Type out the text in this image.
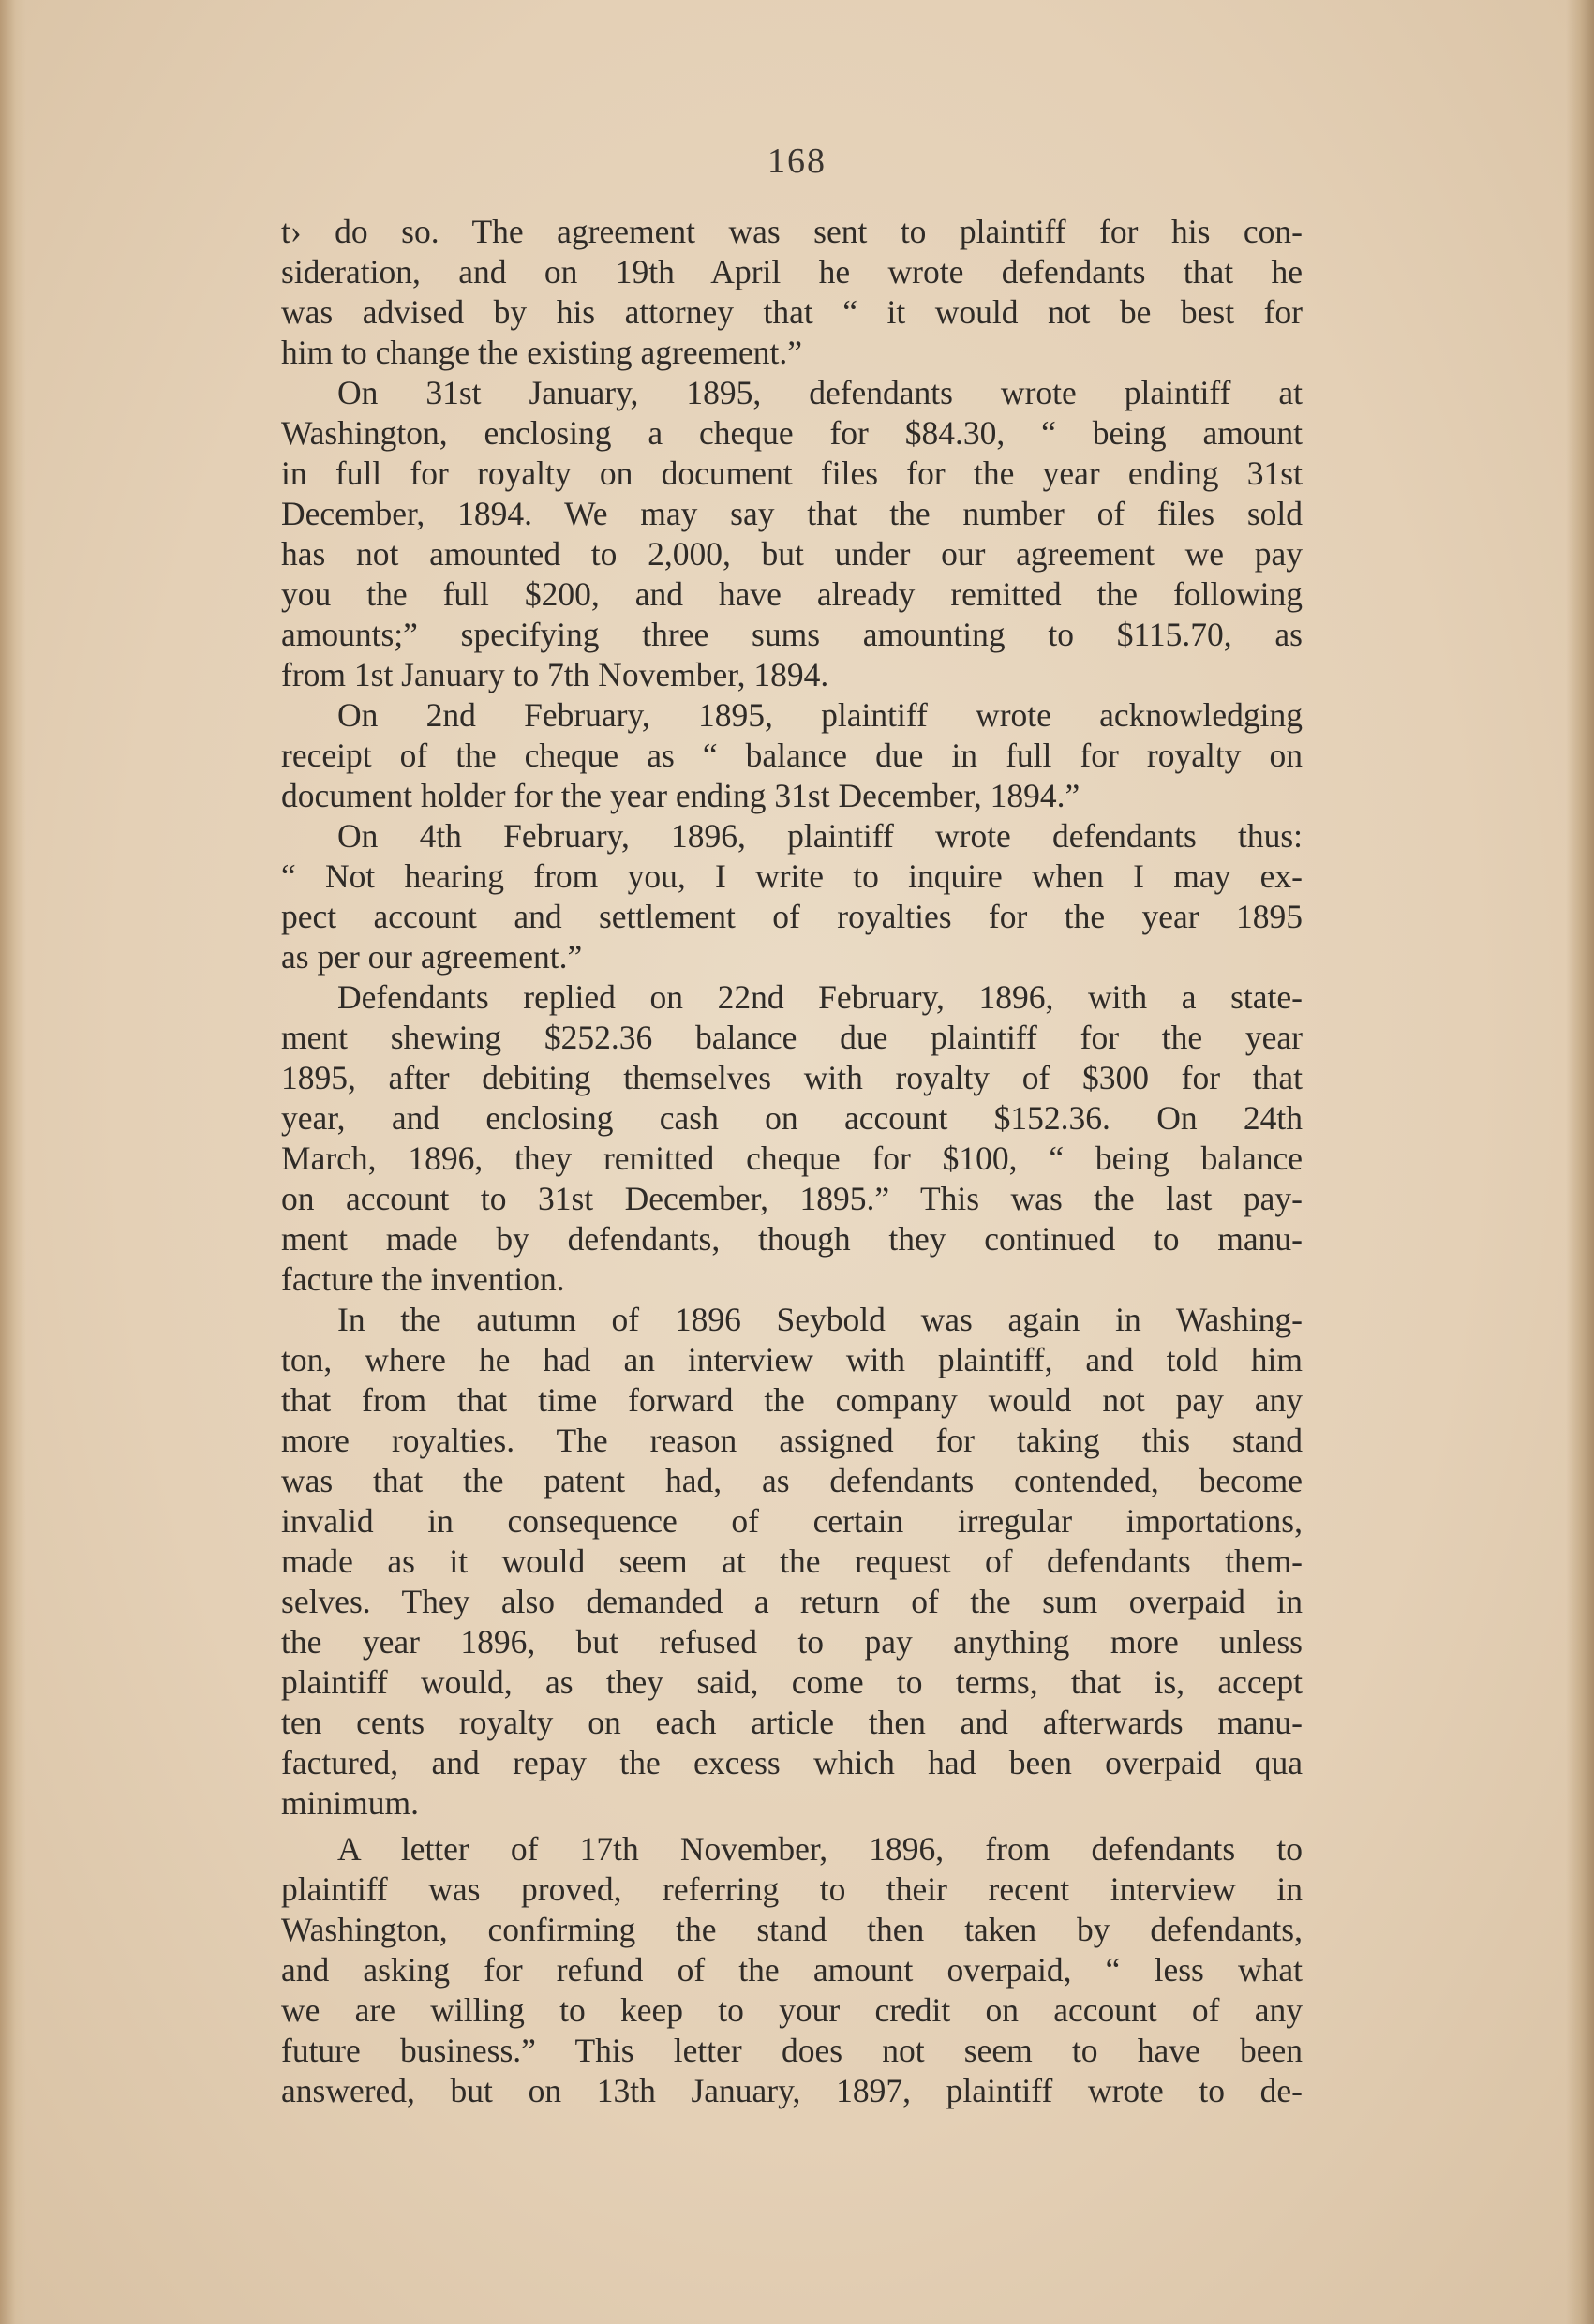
168
t› do so. The agreement was sent to plaintiff for his con-
sideration, and on 19th April he wrote defendants that he
was advised by his attorney that “ it would not be best for
him to change the existing agreement.”
On 31st January, 1895, defendants wrote plaintiff at
Washington, enclosing a cheque for $84.30, “ being amount
in full for royalty on document files for the year ending 31st
December, 1894. We may say that the number of files sold
has not amounted to 2,000, but under our agreement we pay
you the full $200, and have already remitted the following
amounts;” specifying three sums amounting to $115.70, as
from 1st January to 7th November, 1894.
On 2nd February, 1895, plaintiff wrote acknowledging
receipt of the cheque as “ balance due in full for royalty on
document holder for the year ending 31st December, 1894.”
On 4th February, 1896, plaintiff wrote defendants thus:
“ Not hearing from you, I write to inquire when I may ex-
pect account and settlement of royalties for the year 1895
as per our agreement.”
Defendants replied on 22nd February, 1896, with a state-
ment shewing $252.36 balance due plaintiff for the year
1895, after debiting themselves with royalty of $300 for that
year, and enclosing cash on account $152.36. On 24th
March, 1896, they remitted cheque for $100, “ being balance
on account to 31st December, 1895.” This was the last pay-
ment made by defendants, though they continued to manu-
facture the invention.
In the autumn of 1896 Seybold was again in Washing-
ton, where he had an interview with plaintiff, and told him
that from that time forward the company would not pay any
more royalties. The reason assigned for taking this stand
was that the patent had, as defendants contended, become
invalid in consequence of certain irregular importations,
made as it would seem at the request of defendants them-
selves. They also demanded a return of the sum overpaid in
the year 1896, but refused to pay anything more unless
plaintiff would, as they said, come to terms, that is, accept
ten cents royalty on each article then and afterwards manu-
factured, and repay the excess which had been overpaid qua
minimum.
A letter of 17th November, 1896, from defendants to
plaintiff was proved, referring to their recent interview in
Washington, confirming the stand then taken by defendants,
and asking for refund of the amount overpaid, “ less what
we are willing to keep to your credit on account of any
future business.” This letter does not seem to have been
answered, but on 13th January, 1897, plaintiff wrote to de-
